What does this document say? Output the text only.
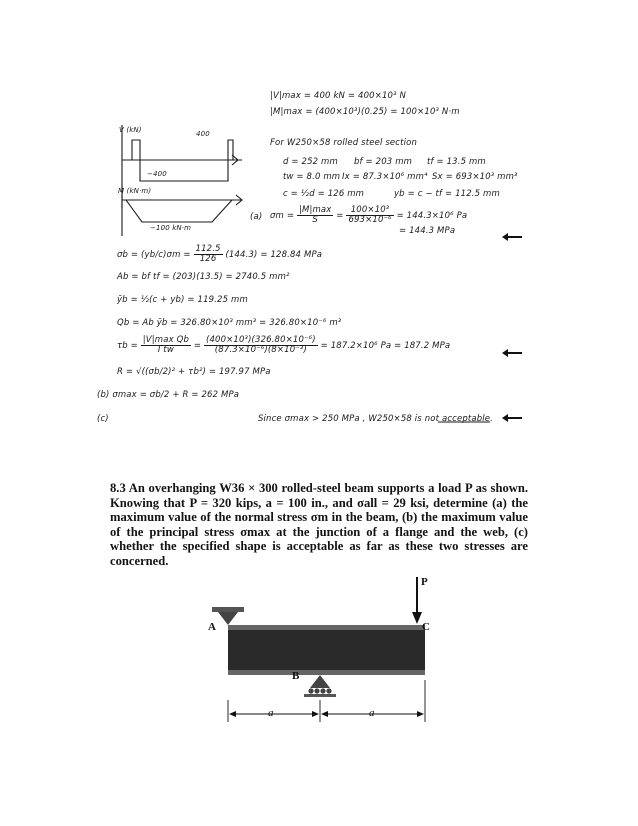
|V|max = 400 kN = 400×10³ N
|M|max = (400×10³)(0.25) = 100×10³ N·m
V (kN)	400
−400
M (kN·m)
−100 kN·m
For W250×58 rolled steel section
d = 252 mm bf = 203 mm tf = 13.5 mm
tw = 8.0 mm Ix = 87.3×10⁶ mm⁴ Sx = 693×10³ mm³
c = ½d = 126 mm	yb = c − tf = 112.5 mm
(a) $\sigma m = \frac{|M|\max}{S} = \frac{\text{100×10³}}{\text{693×10⁻⁶}} = 144.3\times 10^6$ Pa
= 144.3 MPa
$\sigma b = (yb/c)\sigma m = \frac{112.5}{126} (144.3) = 128.84$ MPa
Ab = bf tf = (203)(13.5) = 2740.5 mm²
ȳb = ½(c + yb) = 119.25 mm
Qb = Ab ȳb = 326.80×10³ mm³ = 326.80×10⁻⁶ m³
$\tau b = \frac{\text{|V|max Qb}}{\text{I tw}} = \frac{\text{(400×10³)(326.80×10⁻⁶)}}{\text{(87.3×10⁻⁶)(8×10⁻³)}} = 187.2\times 10^6$ Pa = 187.2 MPa
R = √((σb/2)² + τb²) = 197.97 MPa
(b) σmax = σb/2 + R = 262 MPa
(c)	Since σmax > 250 MPa , W250×58 is not acceptable.
8.3 An overhanging W36 × 300 rolled-steel beam supports a load P as shown. Knowing that P = 320 kips, a = 100 in., and σall = 29 ksi, determine (a) the maximum value of the normal stress σm in the beam, (b) the maximum value of the principal stress σmax at the junction of a flange and the web, (c) whether the specified shape is acceptable as far as these two stresses are concerned.
A
B
C
P
a	a
